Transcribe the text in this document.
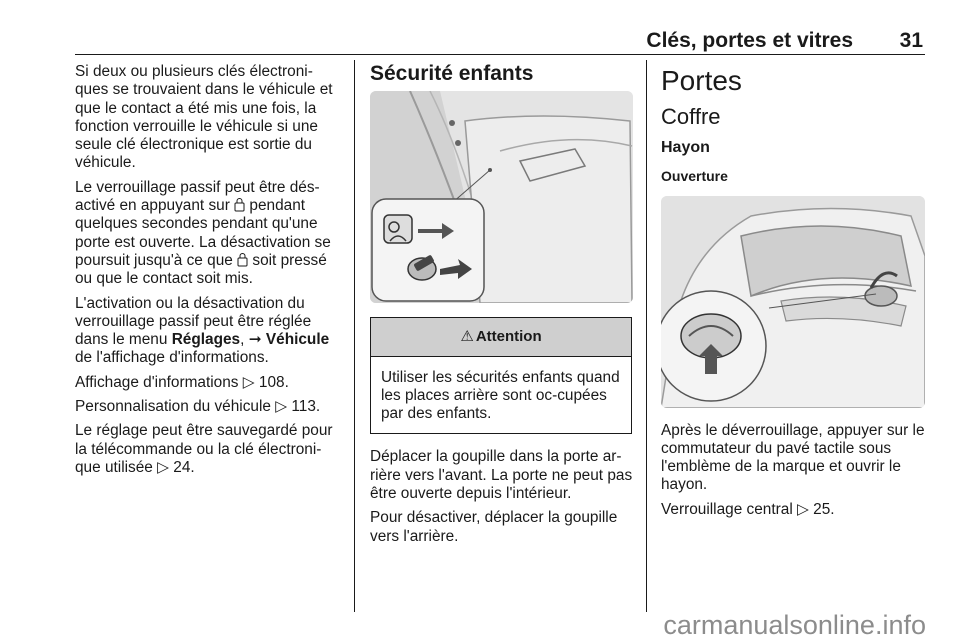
Clés, portes et vitres 31

Si deux ou plusieurs clés électroni-ques se trouvaient dans le véhicule et que le contact a été mis une fois, la fonction verrouille le véhicule si une seule clé électronique est sortie du véhicule.

Le verrouillage passif peut être dés-activé en appuyant sur  pendant quelques secondes pendant qu'une porte est ouverte. La désactivation se poursuit jusqu'à ce que  soit pressé ou que le contact soit mis.

L'activation ou la désactivation du verrouillage passif peut être réglée dans le menu Réglages, ➞ Véhicule de l'affichage d'informations.

Affichage d'informations ▷ 108.

Personnalisation du véhicule ▷ 113.

Le réglage peut être sauvegardé pour la télécommande ou la clé électroni-que utilisée ▷ 24.

Sécurité enfants
⚠ Attention
Utiliser les sécurités enfants quand les places arrière sont oc-cupées par des enfants.

Déplacer la goupille dans la porte ar-rière vers l'avant. La porte ne peut pas être ouverte depuis l'intérieur.

Pour désactiver, déplacer la goupille vers l'arrière.

Portes
Coffre
Hayon
Ouverture

Après le déverrouillage, appuyer sur le commutateur du pavé tactile sous l'emblème de la marque et ouvrir le hayon.

Verrouillage central ▷ 25.

carmanualsonline.info
